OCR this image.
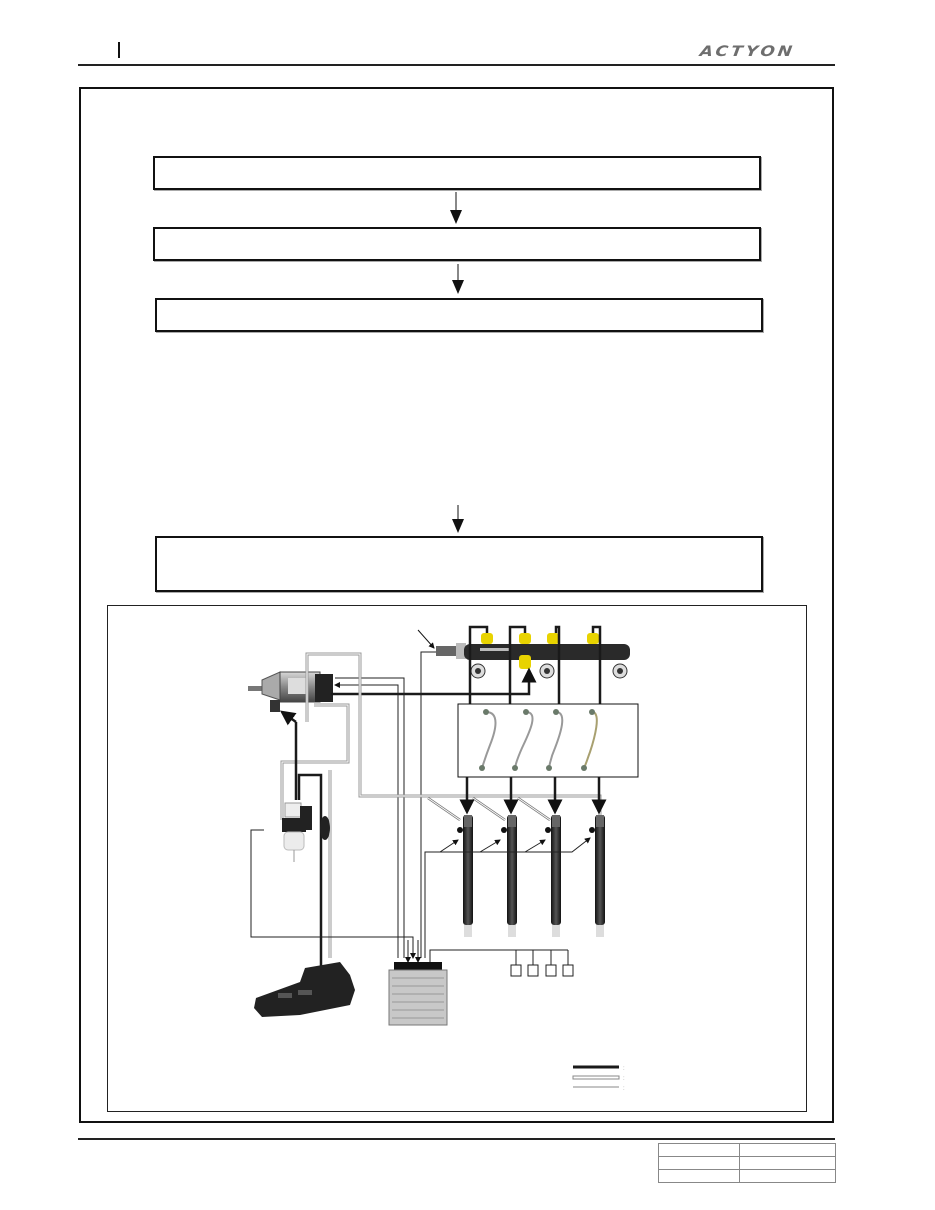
ACTYON
:
:
:
